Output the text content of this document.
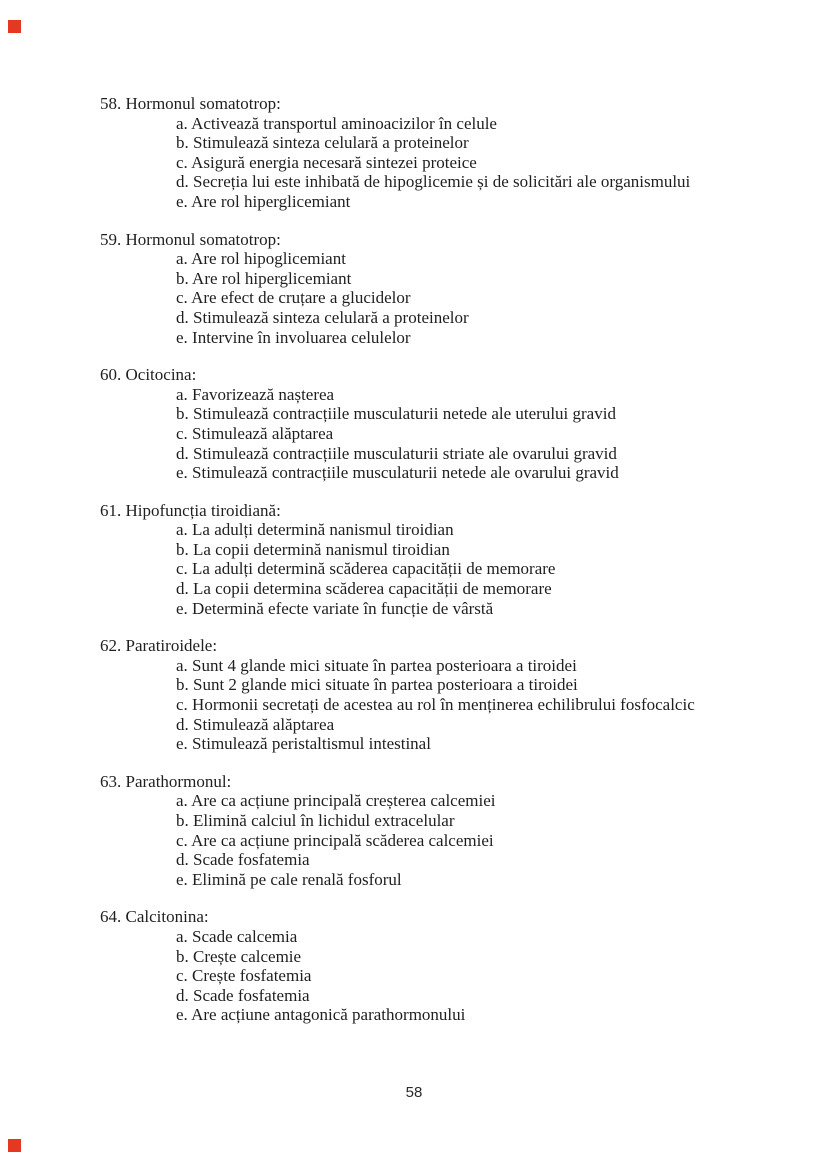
58. Hormonul somatotrop:
a. Activează transportul aminoacizilor în celule
b. Stimulează sinteza celulară a proteinelor
c. Asigură energia necesară sintezei proteice
d. Secreția lui este inhibată de hipoglicemie și de solicitări ale organismului
e. Are rol hiperglicemiant
59. Hormonul somatotrop:
a. Are rol hipoglicemiant
b. Are rol hiperglicemiant
c. Are efect de cruțare a glucidelor
d. Stimulează sinteza celulară a proteinelor
e. Intervine în involuarea celulelor
60. Ocitocina:
a. Favorizează nașterea
b. Stimulează contracțiile musculaturii netede ale uterului gravid
c. Stimulează alăptarea
d. Stimulează contracțiile musculaturii striate ale ovarului gravid
e. Stimulează contracțiile musculaturii netede ale ovarului gravid
61. Hipofuncția tiroidiană:
a. La adulți determină nanismul tiroidian
b. La copii determină nanismul tiroidian
c. La adulți determină scăderea capacității de memorare
d. La copii determina scăderea capacității de memorare
e. Determină efecte variate în funcție de vârstă
62. Paratiroidele:
a. Sunt 4 glande mici situate în partea posterioara a tiroidei
b. Sunt 2 glande mici situate în partea posterioara a tiroidei
c. Hormonii secretați de acestea au rol în menținerea echilibrului fosfocalcic
d. Stimulează alăptarea
e. Stimulează peristaltismul intestinal
63. Parathormonul:
a. Are ca acțiune principală creșterea calcemiei
b. Elimină calciul în lichidul extracelular
c. Are ca acțiune principală scăderea calcemiei
d. Scade fosfatemia
e. Elimină pe cale renală fosforul
64. Calcitonina:
a. Scade calcemia
b. Crește calcemie
c. Crește fosfatemia
d. Scade fosfatemia
e. Are acțiune antagonică parathormonului
58
